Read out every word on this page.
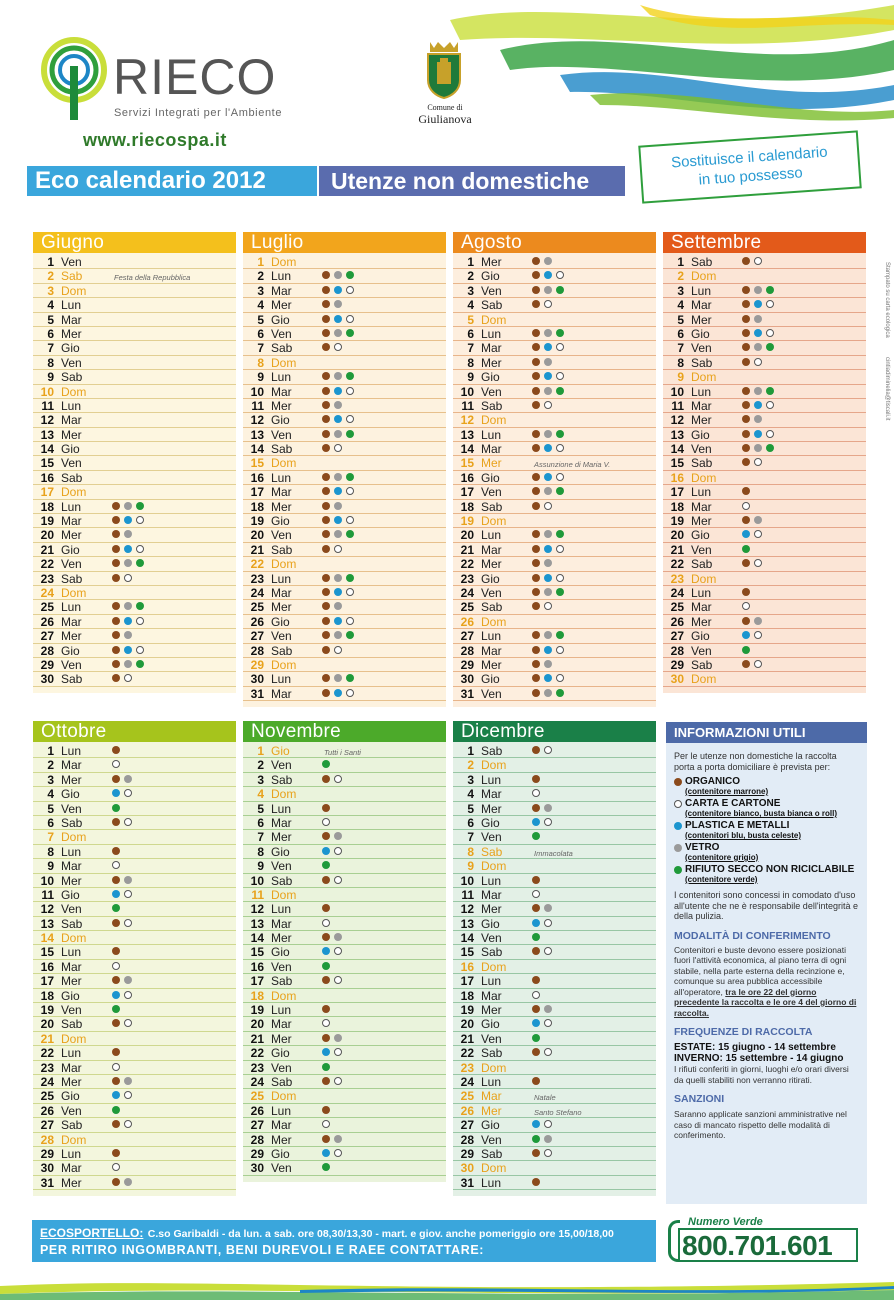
RIECO
Servizi Integrati per l'Ambiente
www.riecospa.it
Comune di
Giulianova
Eco calendario 2012	Utenze non domestiche
Sostituisce il calendario
in tuo possesso
Stampato su carta ecologica
cintiadiminelia@tiscali.it
Giugno
1 Ven
2 Sab	Festa della Repubblica
3 Dom
4 Lun
5 Mar
6 Mer
7 Gio
8 Ven
9 Sab
10 Dom
11 Lun
12 Mar
13 Mer
14 Gio
15 Ven
16 Sab
17 Dom
18 Lun
19 Mar
20 Mer
21 Gio
22 Ven
23 Sab
24 Dom
25 Lun
26 Mar
27 Mer
28 Gio
29 Ven
30 Sab
Luglio
1 Dom
2 Lun
3 Mar
4 Mer
5 Gio
6 Ven
7 Sab
8 Dom
9 Lun
10 Mar
11 Mer
12 Gio
13 Ven
14 Sab
15 Dom
16 Lun
17 Mar
18 Mer
19 Gio
20 Ven
21 Sab
22 Dom
23 Lun
24 Mar
25 Mer
26 Gio
27 Ven
28 Sab
29 Dom
30 Lun
31 Mar
Agosto
1 Mer
2 Gio
3 Ven
4 Sab
5 Dom
6 Lun
7 Mar
8 Mer
9 Gio
10 Ven
11 Sab
12 Dom
13 Lun
14 Mar
15 Mer	Assunzione di Maria V.
16 Gio
17 Ven
18 Sab
19 Dom
20 Lun
21 Mar
22 Mer
23 Gio
24 Ven
25 Sab
26 Dom
27 Lun
28 Mar
29 Mer
30 Gio
31 Ven
Settembre
1 Sab
2 Dom
3 Lun
4 Mar
5 Mer
6 Gio
7 Ven
8 Sab
9 Dom
10 Lun
11 Mar
12 Mer
13 Gio
14 Ven
15 Sab
16 Dom
17 Lun
18 Mar
19 Mer
20 Gio
21 Ven
22 Sab
23 Dom
24 Lun
25 Mar
26 Mer
27 Gio
28 Ven
29 Sab
30 Dom
Ottobre
1 Lun
2 Mar
3 Mer
4 Gio
5 Ven
6 Sab
7 Dom
8 Lun
9 Mar
10 Mer
11 Gio
12 Ven
13 Sab
14 Dom
15 Lun
16 Mar
17 Mer
18 Gio
19 Ven
20 Sab
21 Dom
22 Lun
23 Mar
24 Mer
25 Gio
26 Ven
27 Sab
28 Dom
29 Lun
30 Mar
31 Mer
Novembre
1 Gio	Tutti i Santi
2 Ven
3 Sab
4 Dom
5 Lun
6 Mar
7 Mer
8 Gio
9 Ven
10 Sab
11 Dom
12 Lun
13 Mar
14 Mer
15 Gio
16 Ven
17 Sab
18 Dom
19 Lun
20 Mar
21 Mer
22 Gio
23 Ven
24 Sab
25 Dom
26 Lun
27 Mar
28 Mer
29 Gio
30 Ven
Dicembre
1 Sab
2 Dom
3 Lun
4 Mar
5 Mer
6 Gio
7 Ven
8 Sab	Immacolata
9 Dom
10 Lun
11 Mar
12 Mer
13 Gio
14 Ven
15 Sab
16 Dom
17 Lun
18 Mar
19 Mer
20 Gio
21 Ven
22 Sab
23 Dom
24 Lun
25 Mar	Natale
26 Mer	Santo Stefano
27 Gio
28 Ven
29 Sab
30 Dom
31 Lun
INFORMAZIONI UTILI

Per le utenze non domestiche la raccolta porta a porta domiciliare è prevista per:

ORGANICO
(contenitore marrone)
CARTA E CARTONE
(contenitore bianco, busta bianca o roll)
PLASTICA E METALLI
(contenitori blu, busta celeste)
VETRO
(contenitore grigio)
RIFIUTO SECCO NON RICICLABILE
(contenitore verde)

I contenitori sono concessi in comodato d'uso all'utente che ne è responsabile dell'integrità e della pulizia.

MODALITÀ DI CONFERIMENTO

Contenitori e buste devono essere posizionati fuori l'attività economica, al piano terra di ogni stabile, nella parte esterna della recinzione e, comunque su area pubblica accessibile all'operatore, tra le ore 22 del giorno precedente la raccolta e le ore 4 del giorno di raccolta.

FREQUENZE DI RACCOLTA
ESTATE: 15 giugno - 14 settembre
INVERNO: 15 settembre - 14 giugno

I rifiuti conferiti in giorni, luoghi e/o orari diversi da quelli stabiliti non verranno ritirati.

SANZIONI

Saranno applicate sanzioni amministrative nel caso di mancato rispetto delle modalità di conferimento.

ECOSPORTELLO: C.so Garibaldi - da lun. a sab. ore 08,30/13,30 - mart. e giov. anche pomeriggio ore 15,00/18,00
PER RITIRO INGOMBRANTI, BENI DUREVOLI E RAEE CONTATTARE:
Numero Verde
800.701.601
